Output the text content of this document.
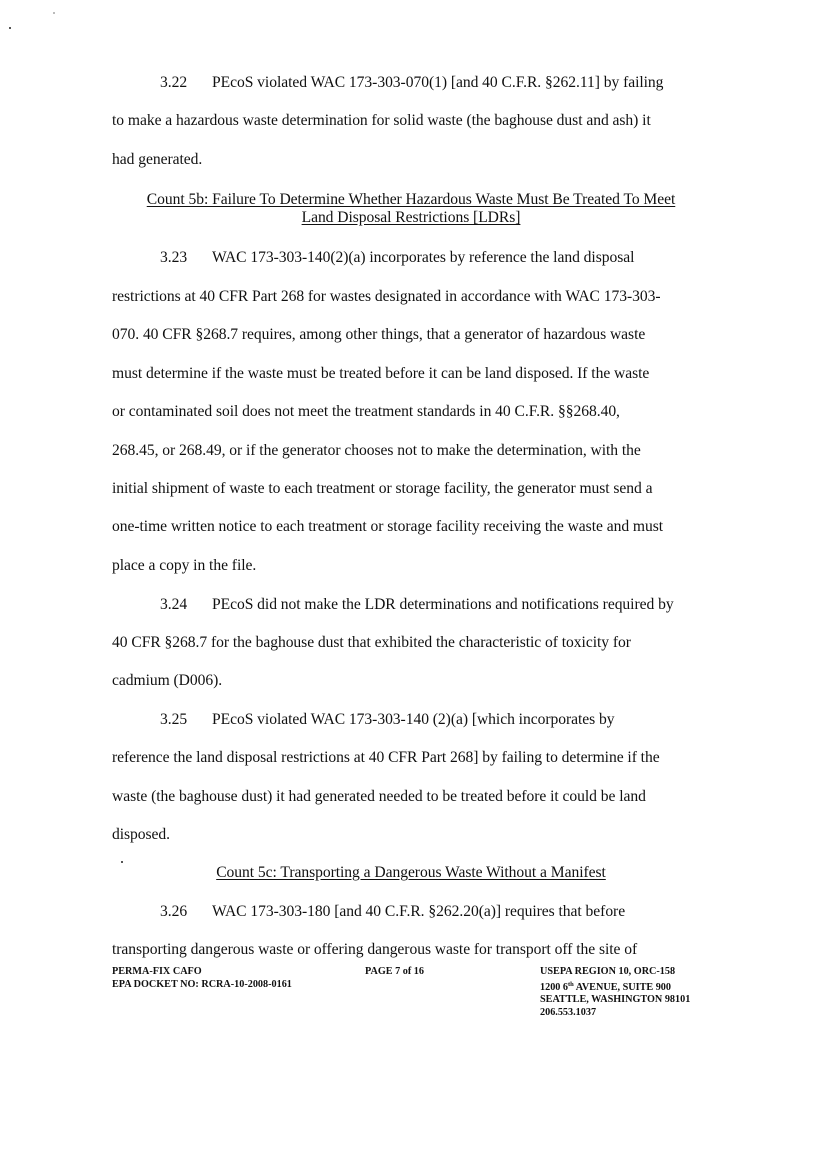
3.22 PEcoS violated WAC 173-303-070(1) [and 40 C.F.R. §262.11] by failing
to make a hazardous waste determination for solid waste (the baghouse dust and ash) it
had generated.
Count 5b: Failure To Determine Whether Hazardous Waste Must Be Treated To Meet
Land Disposal Restrictions [LDRs]
3.23 WAC 173-303-140(2)(a) incorporates by reference the land disposal
restrictions at 40 CFR Part 268 for wastes designated in accordance with WAC 173-303-
070. 40 CFR §268.7 requires, among other things, that a generator of hazardous waste
must determine if the waste must be treated before it can be land disposed. If the waste
or contaminated soil does not meet the treatment standards in 40 C.F.R. §§268.40,
268.45, or 268.49, or if the generator chooses not to make the determination, with the
initial shipment of waste to each treatment or storage facility, the generator must send a
one-time written notice to each treatment or storage facility receiving the waste and must
place a copy in the file.
3.24 PEcoS did not make the LDR determinations and notifications required by
40 CFR §268.7 for the baghouse dust that exhibited the characteristic of toxicity for
cadmium (D006).
3.25 PEcoS violated WAC 173-303-140 (2)(a) [which incorporates by
reference the land disposal restrictions at 40 CFR Part 268] by failing to determine if the
waste (the baghouse dust) it had generated needed to be treated before it could be land
disposed.
Count 5c: Transporting a Dangerous Waste Without a Manifest
3.26 WAC 173-303-180 [and 40 C.F.R. §262.20(a)] requires that before
transporting dangerous waste or offering dangerous waste for transport off the site of
PERMA-FIX CAFO
EPA DOCKET NO: RCRA-10-2008-0161
PAGE 7 of 16	USEPA REGION 10, ORC-158
1200 6th AVENUE, SUITE 900
SEATTLE, WASHINGTON 98101
206.553.1037
